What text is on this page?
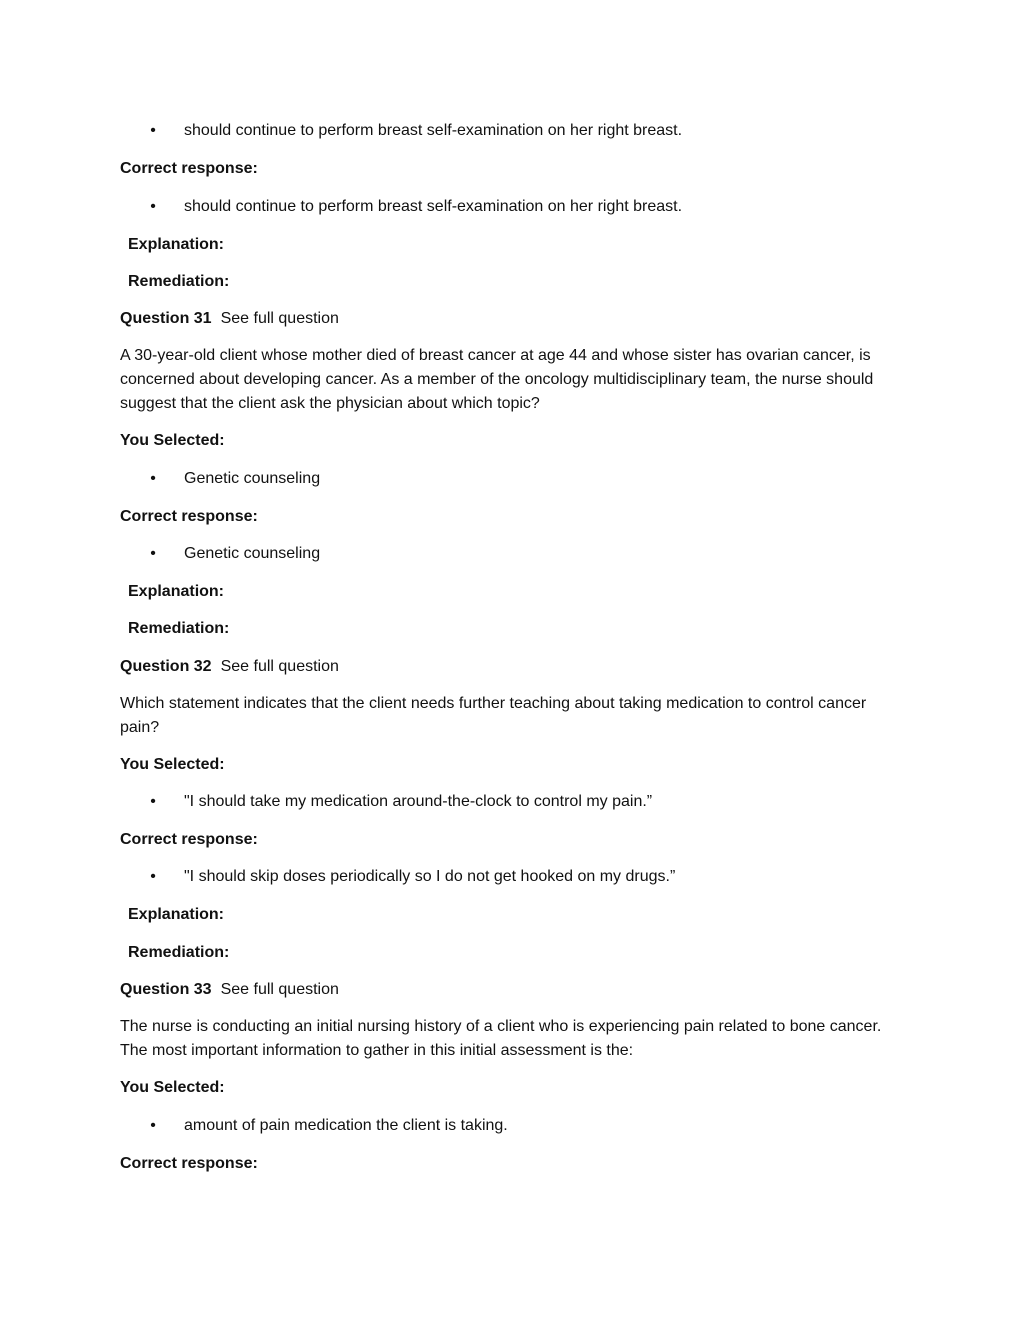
• should continue to perform breast self-examination on her right breast.
Correct response:
• should continue to perform breast self-examination on her right breast.
Explanation:
Remediation:
Question 31 See full question
A 30-year-old client whose mother died of breast cancer at age 44 and whose sister has ovarian cancer, is concerned about developing cancer. As a member of the oncology multidisciplinary team, the nurse should suggest that the client ask the physician about which topic?
You Selected:
• Genetic counseling
Correct response:
• Genetic counseling
Explanation:
Remediation:
Question 32 See full question
Which statement indicates that the client needs further teaching about taking medication to control cancer pain?
You Selected:
• "I should take my medication around-the-clock to control my pain.”
Correct response:
• "I should skip doses periodically so I do not get hooked on my drugs.”
Explanation:
Remediation:
Question 33 See full question
The nurse is conducting an initial nursing history of a client who is experiencing pain related to bone cancer. The most important information to gather in this initial assessment is the:
You Selected:
• amount of pain medication the client is taking.
Correct response:
